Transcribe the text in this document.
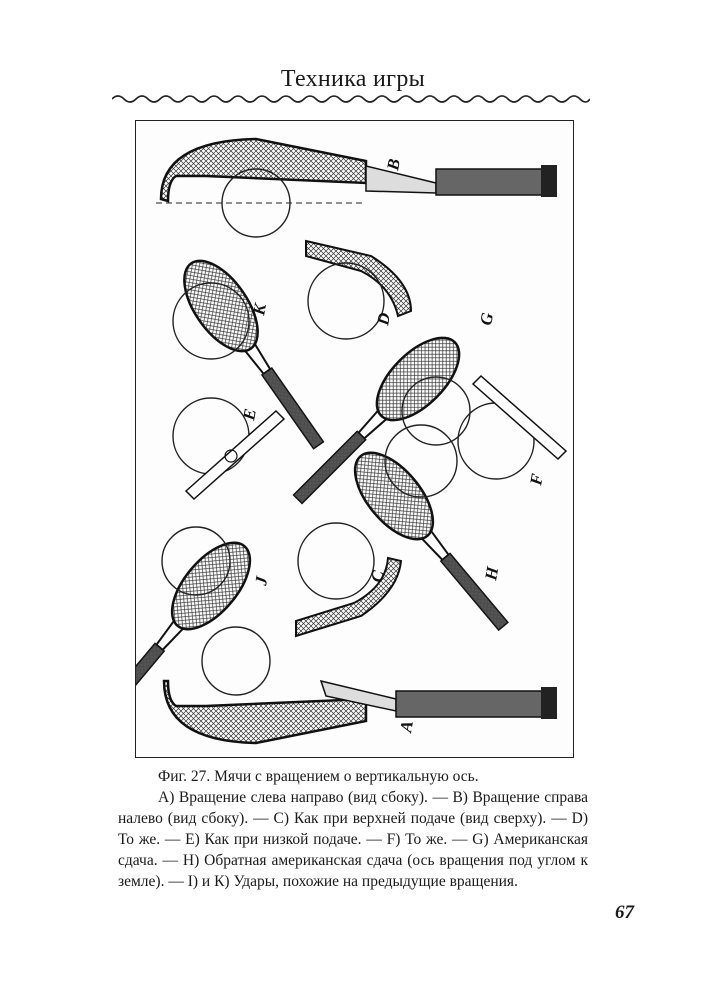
Техника игры
B
K
D	G
E
F
H
J	C
A
Фиг. 27. Мячи с вращением о вертикальную ось.
А) Вращение слева направо (вид сбоку). — В) Вращение справа налево (вид сбоку). — С) Как при верхней подаче (вид сверху). — D) То же. — Е) Как при низкой подаче. — F) То же. — G) Американская сдача. — Н) Обратная американская сдача (ось вращения под углом к земле). — I) и К) Удары, похожие на предыдущие вращения.
67
